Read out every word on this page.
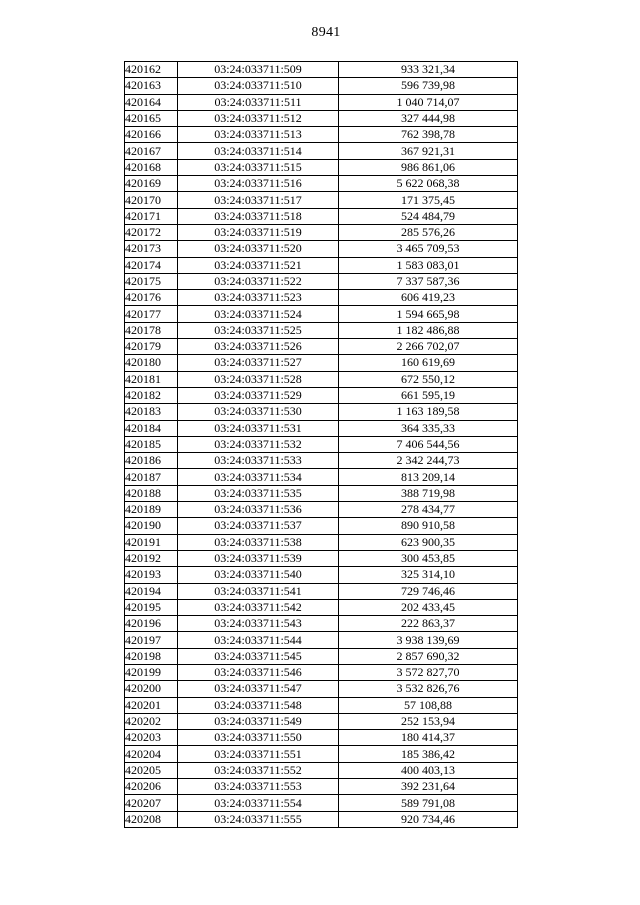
8941
420162	03:24:033711:509	933 321,34
420163	03:24:033711:510	596 739,98
420164	03:24:033711:511	1 040 714,07
420165	03:24:033711:512	327 444,98
420166	03:24:033711:513	762 398,78
420167	03:24:033711:514	367 921,31
420168	03:24:033711:515	986 861,06
420169	03:24:033711:516	5 622 068,38
420170	03:24:033711:517	171 375,45
420171	03:24:033711:518	524 484,79
420172	03:24:033711:519	285 576,26
420173	03:24:033711:520	3 465 709,53
420174	03:24:033711:521	1 583 083,01
420175	03:24:033711:522	7 337 587,36
420176	03:24:033711:523	606 419,23
420177	03:24:033711:524	1 594 665,98
420178	03:24:033711:525	1 182 486,88
420179	03:24:033711:526	2 266 702,07
420180	03:24:033711:527	160 619,69
420181	03:24:033711:528	672 550,12
420182	03:24:033711:529	661 595,19
420183	03:24:033711:530	1 163 189,58
420184	03:24:033711:531	364 335,33
420185	03:24:033711:532	7 406 544,56
420186	03:24:033711:533	2 342 244,73
420187	03:24:033711:534	813 209,14
420188	03:24:033711:535	388 719,98
420189	03:24:033711:536	278 434,77
420190	03:24:033711:537	890 910,58
420191	03:24:033711:538	623 900,35
420192	03:24:033711:539	300 453,85
420193	03:24:033711:540	325 314,10
420194	03:24:033711:541	729 746,46
420195	03:24:033711:542	202 433,45
420196	03:24:033711:543	222 863,37
420197	03:24:033711:544	3 938 139,69
420198	03:24:033711:545	2 857 690,32
420199	03:24:033711:546	3 572 827,70
420200	03:24:033711:547	3 532 826,76
420201	03:24:033711:548	57 108,88
420202	03:24:033711:549	252 153,94
420203	03:24:033711:550	180 414,37
420204	03:24:033711:551	185 386,42
420205	03:24:033711:552	400 403,13
420206	03:24:033711:553	392 231,64
420207	03:24:033711:554	589 791,08
420208	03:24:033711:555	920 734,46
